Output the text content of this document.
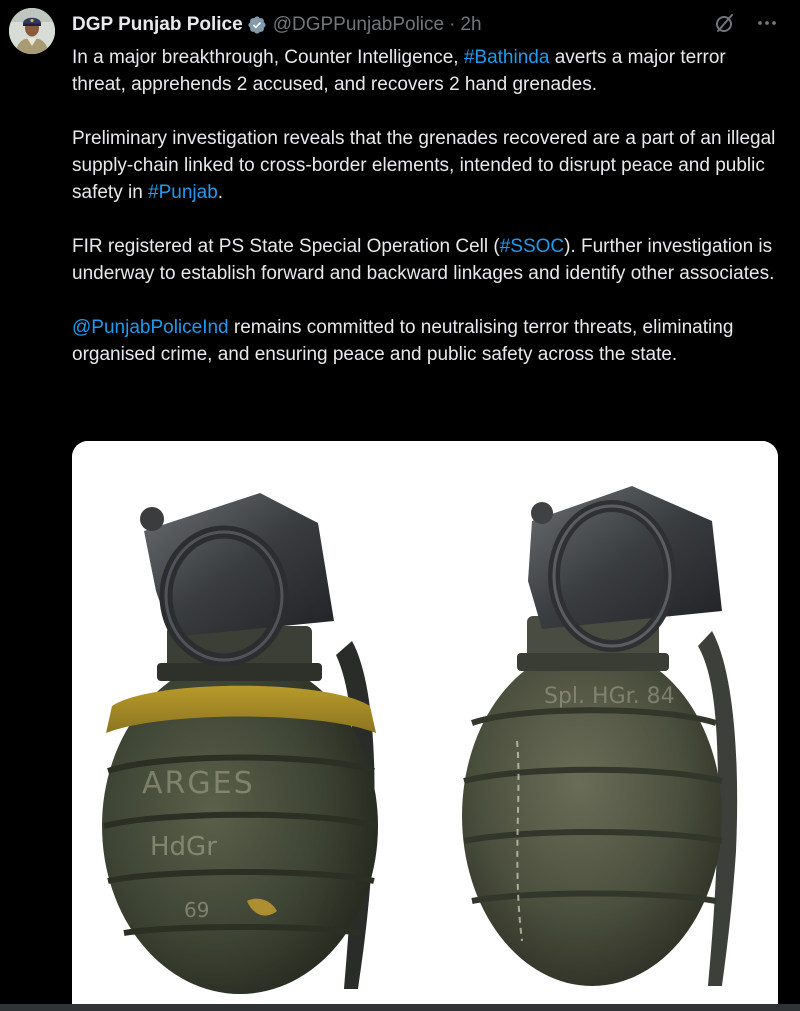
DGP Punjab Police @DGPPunjabPolice · 2h

In a major breakthrough, Counter Intelligence, #Bathinda averts a major terror threat, apprehends 2 accused, and recovers 2 hand grenades.

Preliminary investigation reveals that the grenades recovered are a part of an illegal supply-chain linked to cross-border elements, intended to disrupt peace and public safety in #Punjab.

FIR registered at PS State Special Operation Cell (#SSOC). Further investigation is underway to establish forward and backward linkages and identify other associates.

@PunjabPoliceInd remains committed to neutralising terror threats, eliminating organised crime, and ensuring peace and public safety across the state.

ARGES
HdGr
69
Spl. HGr. 84
